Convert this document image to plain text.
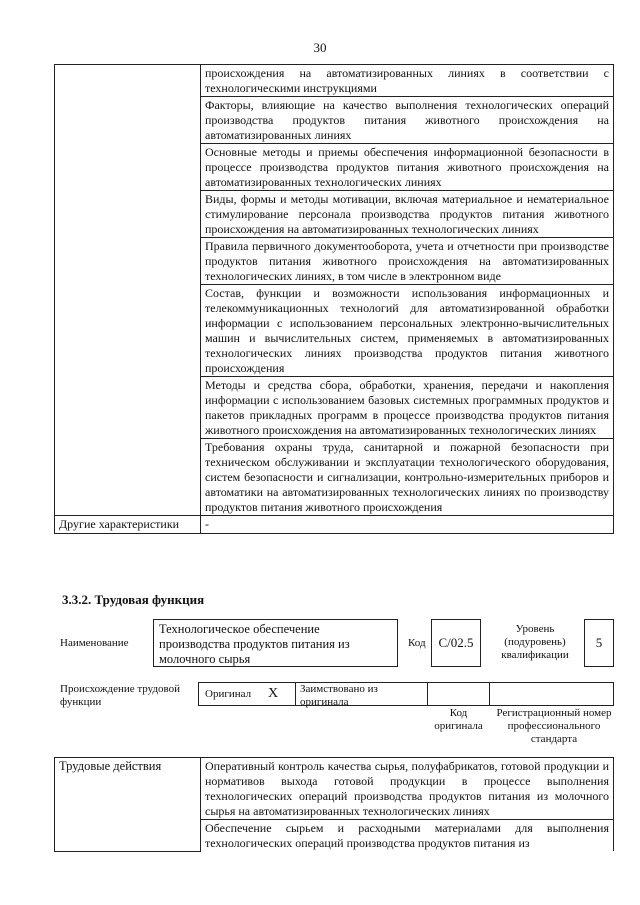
30
	происхождения на автоматизированных линиях в соответствии с технологическими инструкциями
	Факторы, влияющие на качество выполнения технологических операций производства продуктов питания животного происхождения на автоматизированных линиях
	Основные методы и приемы обеспечения информационной безопасности в процессе производства продуктов питания животного происхождения на автоматизированных технологических линиях
	Виды, формы и методы мотивации, включая материальное и нематериальное стимулирование персонала производства продуктов питания животного происхождения на автоматизированных технологических линиях
	Правила первичного документооборота, учета и отчетности при производстве продуктов питания животного происхождения на автоматизированных технологических линиях, в том числе в электронном виде
	Состав, функции и возможности использования информационных и телекоммуникационных технологий для автоматизированной обработки информации с использованием персональных электронно-вычислительных машин и вычислительных систем, применяемых в автоматизированных технологических линиях производства продуктов питания животного происхождения
	Методы и средства сбора, обработки, хранения, передачи и накопления информации с использованием базовых системных программных продуктов и пакетов прикладных программ в процессе производства продуктов питания животного происхождения на автоматизированных технологических линиях
	Требования охраны труда, санитарной и пожарной безопасности при техническом обслуживании и эксплуатации технологического оборудования, систем безопасности и сигнализации, контрольно-измерительных приборов и автоматики на автоматизированных технологических линиях по производству продуктов питания животного происхождения
Другие характеристики	-
3.3.2. Трудовая функция
Наименование
Технологическое обеспечение производства продуктов питания из молочного сырья
Код C/02.5
Уровень (подуровень) квалификации
5
Происхождение трудовой функции
Оригинал X Заимствовано из оригинала
Код оригинала
Регистрационный номер профессионального стандарта
Трудовые действия	Оперативный контроль качества сырья, полуфабрикатов, готовой продукции и нормативов выхода готовой продукции в процессе выполнения технологических операций производства продуктов питания из молочного сырья на автоматизированных технологических линиях
Обеспечение сырьем и расходными материалами для выполнения технологических операций производства продуктов питания из
